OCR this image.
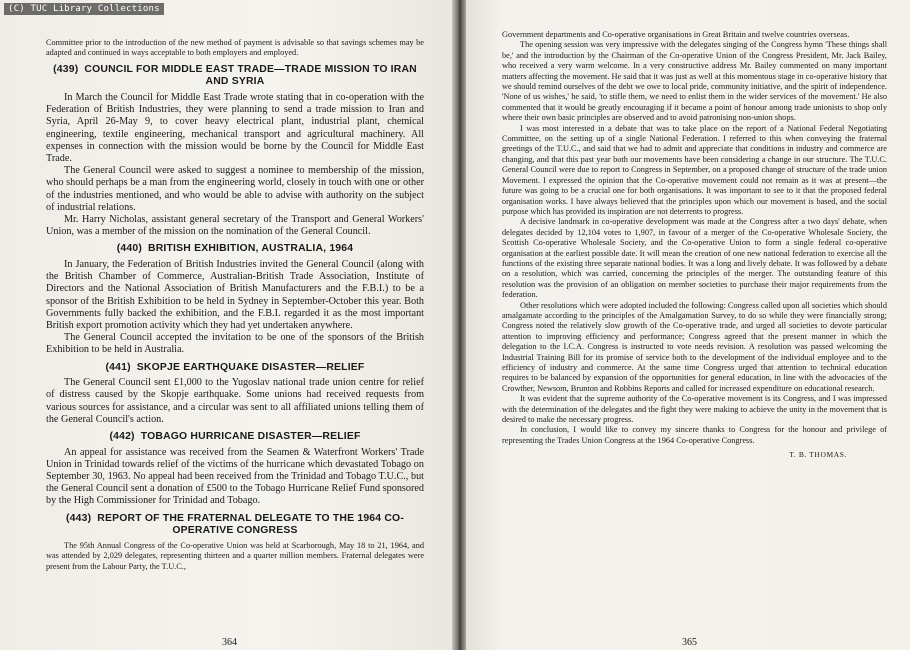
(C) TUC Library Collections

Committee prior to the introduction of the new method of payment is advisable so that savings schemes may be adapted and continued in ways acceptable to both employers and employed.

(439) COUNCIL FOR MIDDLE EAST TRADE—TRADE MISSION TO IRAN AND SYRIA

In March the Council for Middle East Trade wrote stating that in co-operation with the Federation of British Industries, they were planning to send a trade mission to Iran and Syria, April 26-May 9, to cover heavy electrical plant, industrial plant, chemical engineering, textile engineering, mechanical transport and agricultural machinery. All expenses in connection with the mission would be borne by the Council for Middle East Trade.

The General Council were asked to suggest a nominee to membership of the mission, who should perhaps be a man from the engineering world, closely in touch with one or other of the industries mentioned, and who would be able to advise with authority on the subject of industrial relations.

Mr. Harry Nicholas, assistant general secretary of the Transport and General Workers' Union, was a member of the mission on the nomination of the General Council.

(440) BRITISH EXHIBITION, AUSTRALIA, 1964

In January, the Federation of British Industries invited the General Council (along with the British Chamber of Commerce, Australian-British Trade Association, Institute of Directors and the National Association of British Manufacturers and the F.B.I.) to be a sponsor of the British Exhibition to be held in Sydney in September-October this year. Both Governments fully backed the exhibition, and the F.B.I. regarded it as the most important British export promotion activity which they had yet undertaken anywhere.

The General Council accepted the invitation to be one of the sponsors of the British Exhibition to be held in Australia.

(441) SKOPJE EARTHQUAKE DISASTER—RELIEF

The General Council sent £1,000 to the Yugoslav national trade union centre for relief of distress caused by the Skopje earthquake. Some unions had received requests from various sources for assistance, and a circular was sent to all affiliated unions telling them of the General Council's action.

(442) TOBAGO HURRICANE DISASTER—RELIEF

An appeal for assistance was received from the Seamen & Waterfront Workers' Trade Union in Trinidad towards relief of the victims of the hurricane which devastated Tobago on September 30, 1963. No appeal had been received from the Trinidad and Tobago T.U.C., but the General Council sent a donation of £500 to the Tobago Hurricane Relief Fund sponsored by the High Commissioner for Trinidad and Tobago.

(443) REPORT OF THE FRATERNAL DELEGATE TO THE 1964 CO-OPERATIVE CONGRESS

The 95th Annual Congress of the Co-operative Union was held at Scarborough, May 18 to 21, 1964, and was attended by 2,029 delegates, representing thirteen and a quarter million members. Fraternal delegates were present from the Labour Party, the T.U.C.,

364

Government departments and Co-operative organisations in Great Britain and twelve countries overseas.

The opening session was very impressive with the delegates singing of the Congress hymn 'These things shall be,' and the introduction by the Chairman of the Co-operative Union of the Congress President, Mr. Jack Bailey, who received a very warm welcome. In a very constructive address Mr. Bailey commented on many important matters affecting the movement. He said that it was just as well at this momentous stage in co-operative history that we should remind ourselves of the debt we owe to local pride, community initiative, and the spirit of independence. 'None of us wishes,' he said, 'to stifle them, we need to enlist them in the wider services of the movement.' He also commented that it would be greatly encouraging if it became a point of honour among trade unionists to shop only where their own basic principles are observed and to avoid patronising non-union shops.

I was most interested in a debate that was to take place on the report of a National Federal Negotiating Committee, on the setting up of a single National Federation. I referred to this when conveying the fraternal greetings of the T.U.C., and said that we had to admit and appreciate that conditions in industry and commerce are changing, and that this past year both our movements have been considering a change in our structure. The T.U.C. General Council were due to report to Congress in September, on a proposed change of structure of the trade union Movement. I expressed the opinion that the Co-operative movement could not remain as it was at present—the future was going to be a crucial one for both organisations. It was important to see to it that the proposed federal organisation works. I have always believed that the principles upon which our movement is based, and the social purpose which has provided its inspiration are not deterrents to progress.

A decisive landmark in co-operative development was made at the Congress after a two days' debate, when delegates decided by 12,104 votes to 1,907, in favour of a merger of the Co-operative Wholesale Society, the Scottish Co-operative Wholesale Society, and the Co-operative Union to form a single federal co-operative organisation at the earliest possible date. It will mean the creation of one new national federation to exercise all the functions of the existing three separate national bodies. It was a long and lively debate. It was followed by a debate on a resolution, which was carried, concerning the principles of the merger. The outstanding feature of this resolution was the provision of an obligation on member societies to purchase their major requirements from the federation.

Other resolutions which were adopted included the following: Congress called upon all societies which should amalgamate according to the principles of the Amalgamation Survey, to do so while they were financially strong; Congress noted the relatively slow growth of the Co-operative trade, and urged all societies to devote particular attention to improving efficiency and performance; Congress agreed that the present manner in which the delegation to the I.C.A. Congress is instructed to vote needs revision. A resolution was passed welcoming the Industrial Training Bill for its promise of service both to the development of the individual employee and to the efficiency of industry and commerce. At the same time Congress urged that attention to technical education requires to be balanced by expansion of the opportunities for general education, in line with the advocacies of the Crowther, Newsom, Brunton and Robbins Reports and called for increased expenditure on educational research.

It was evident that the supreme authority of the Co-operative movement is its Congress, and I was impressed with the determination of the delegates and the fight they were making to achieve the unity in the movement that is desired to make the necessary progress.

In conclusion, I would like to convey my sincere thanks to Congress for the honour and privilege of representing the Trades Union Congress at the 1964 Co-operative Congress.

T. B. THOMAS.
365
